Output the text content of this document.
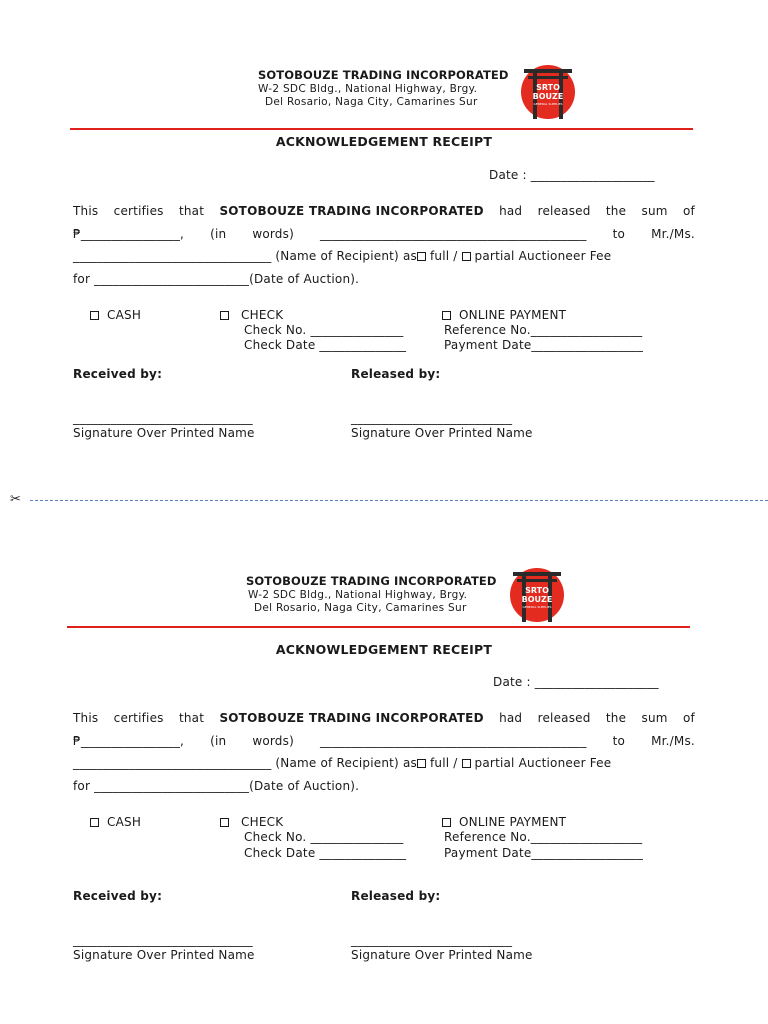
SOTOBOUZE TRADING INCORPORATED
W-2 SDC Bldg., National Highway, Brgy.
Del Rosario, Naga City, Camarines Sur
SRTO
BOUZE
GENERAL SUPPLIES
ACKNOWLEDGEMENT RECEIPT
Date : ____________________
This certifies that SOTOBOUZE TRADING INCORPORATED had released the sum of
₱________________, (in words) ___________________________________________ to Mr./Ms.
________________________________ (Name of Recipient) as full /  partial Auctioneer Fee
for _________________________(Date of Auction).
CASH	CHECK
Check No. _______________
Check Date ______________
ONLINE PAYMENT
Reference No.__________________
Payment Date__________________
Received by:	Released by:
_____________________________	__________________________
Signature Over Printed Name	Signature Over Printed Name
✂
SOTOBOUZE TRADING INCORPORATED
W-2 SDC Bldg., National Highway, Brgy.
Del Rosario, Naga City, Camarines Sur
SRTO
BOUZE
GENERAL SUPPLIES
ACKNOWLEDGEMENT RECEIPT
Date : ____________________
This certifies that SOTOBOUZE TRADING INCORPORATED had released the sum of
₱________________, (in words) ___________________________________________ to Mr./Ms.
________________________________ (Name of Recipient) as full /  partial Auctioneer Fee
for _________________________(Date of Auction).
CASH	CHECK
Check No. _______________
Check Date ______________
ONLINE PAYMENT
Reference No.__________________
Payment Date__________________
Received by:	Released by:
_____________________________	__________________________
Signature Over Printed Name	Signature Over Printed Name
